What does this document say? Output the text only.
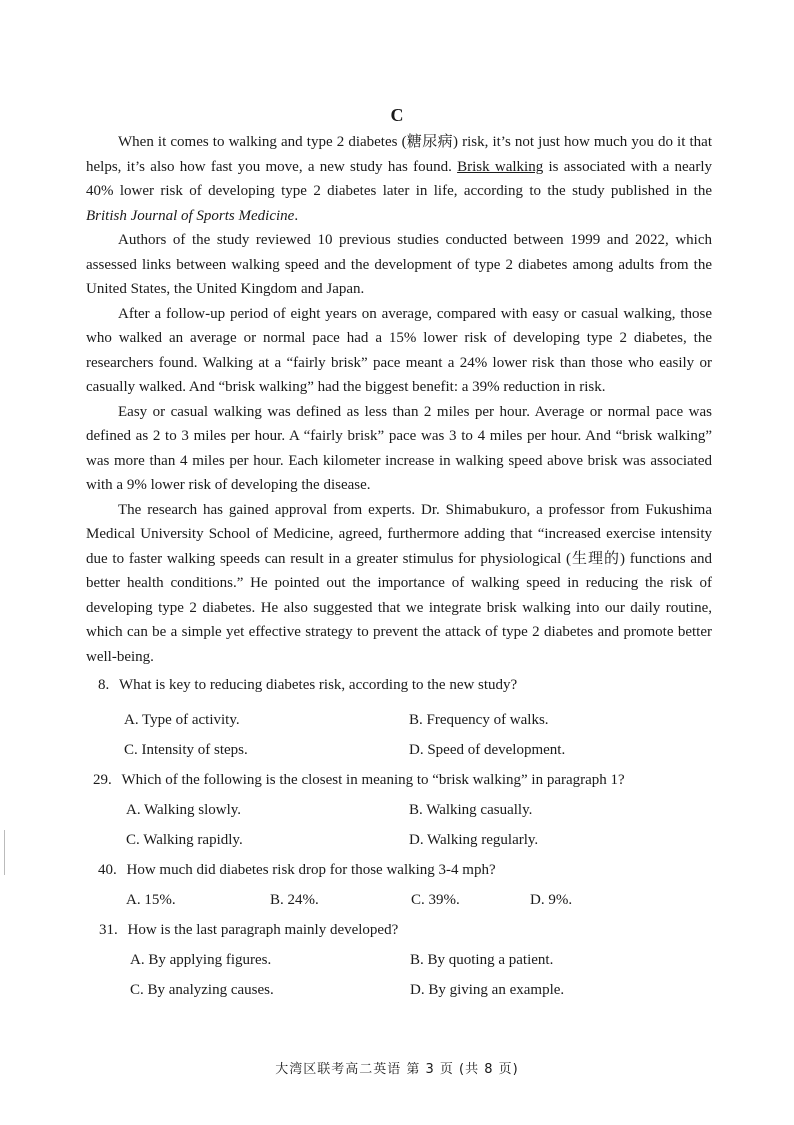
C

When it comes to walking and type 2 diabetes (糖尿病) risk, it’s not just how much you do it that helps, it’s also how fast you move, a new study has found. Brisk walking is associated with a nearly 40% lower risk of developing type 2 diabetes later in life, according to the study published in the British Journal of Sports Medicine.

Authors of the study reviewed 10 previous studies conducted between 1999 and 2022, which assessed links between walking speed and the development of type 2 diabetes among adults from the United States, the United Kingdom and Japan.

After a follow-up period of eight years on average, compared with easy or casual walking, those who walked an average or normal pace had a 15% lower risk of developing type 2 diabetes, the researchers found. Walking at a “fairly brisk” pace meant a 24% lower risk than those who easily or casually walked. And “brisk walking” had the biggest benefit: a 39% reduction in risk.

Easy or casual walking was defined as less than 2 miles per hour. Average or normal pace was defined as 2 to 3 miles per hour. A “fairly brisk” pace was 3 to 4 miles per hour. And “brisk walking” was more than 4 miles per hour. Each kilometer increase in walking speed above brisk was associated with a 9% lower risk of developing the disease.

The research has gained approval from experts. Dr. Shimabukuro, a professor from Fukushima Medical University School of Medicine, agreed, furthermore adding that “increased exercise intensity due to faster walking speeds can result in a greater stimulus for physiological (生理的) functions and better health conditions.” He pointed out the importance of walking speed in reducing the risk of developing type 2 diabetes. He also suggested that we integrate brisk walking into our daily routine, which can be a simple yet effective strategy to prevent the attack of type 2 diabetes and promote better well-being.

8. What is key to reducing diabetes risk, according to the new study?
A. Type of activity.	B. Frequency of walks.
C. Intensity of steps.	D. Speed of development.
29. Which of the following is the closest in meaning to “brisk walking” in paragraph 1?
A. Walking slowly.	B. Walking casually.
C. Walking rapidly.	D. Walking regularly.
40. How much did diabetes risk drop for those walking 3-4 mph?
A. 15%.	B. 24%.	C. 39%.	D. 9%.
31. How is the last paragraph mainly developed?
A. By applying figures.	B. By quoting a patient.
C. By analyzing causes.	D. By giving an example.
大湾区联考高二英语 第 3 页 (共 8 页)
